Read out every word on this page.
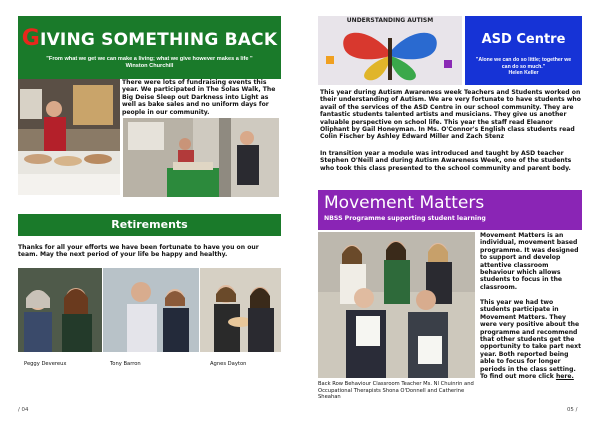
GIVING SOMETHING BACK
"From what we get we can make a living; what we give however makes a life "
Winston Churchill
There were lots of fundraising events this year. We participated in The Solas Walk, The Big Deise Sleep out Darkness into Light as well as bake sales and no uniform days for people in our community.
Retirements
Thanks for all your efforts we have been fortunate to have you on our team. May the next period of your life be happy and healthy.
Peggy Devereux	Tony Barron	Agnes Dayton
/ 04
UNDERSTANDING AUTISM
ASD Centre
"Alone we can do so little; together we can do so much."
Helen Keller
This year during Autism Awareness week Teachers and Students worked on their understanding of Autism. We are very fortunate to have students who avail of the services of the ASD Centre in our school community. They are fantastic students talented artists and musicians. They give us another valuable perspective on school life. This year the staff read Eleanor Oliphant by Gail Honeyman. In Ms. O'Connor's English class students read Colin Fischer by Ashley Edward Miller and Zach Stenz
In transition year a module was introduced and taught by ASD teacher Stephen O'Neill and during Autism Awareness Week, one of the students who took this class presented to the school community and parent body.
Movement Matters
NBSS Programme supporting student learning
Movement Matters is an individual, movement based programme. It was designed to support and develop attentive classroom behaviour which allows students to focus in the classroom.
This year we had two students participate in Movement Matters. They were very positive about the programme and recommend that other students get the opportunity to take part next year. Both reported being able to focus for longer periods in the class setting. To find out more click here.
Back Row Behaviour Classroom Teacher Ms. Nl Chuinrin and Occupational Therapists Shona O'Donnell and Catherine Sheahan
05 /
